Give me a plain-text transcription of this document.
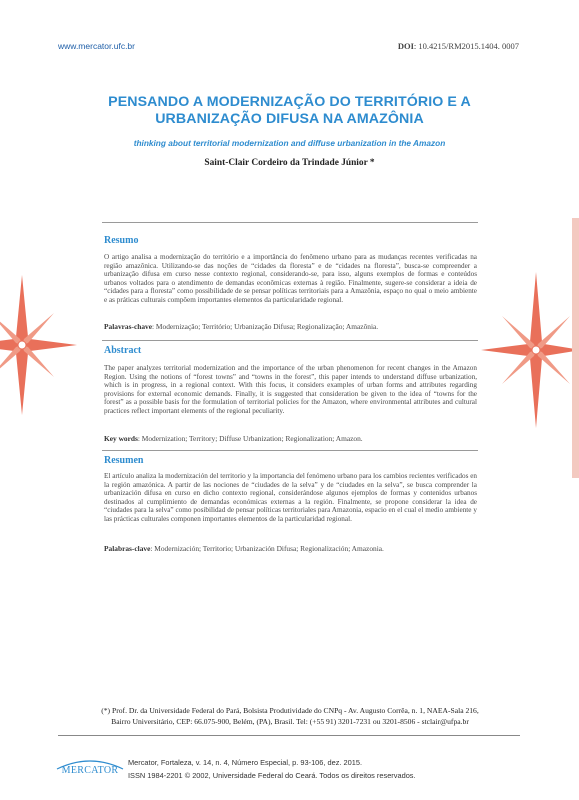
www.mercator.ufc.br	DOI: 10.4215/RM2015.1404. 0007
PENSANDO A MODERNIZAÇÃO DO TERRITÓRIO E A
URBANIZAÇÃO DIFUSA NA AMAZÔNIA
thinking about territorial modernization and diffuse urbanization in the Amazon
Saint-Clair Cordeiro da Trindade Júnior *
Resumo
O artigo analisa a modernização do território e a importância do fenômeno urbano para as mudanças recentes verificadas na região amazônica. Utilizando-se das noções de “cidades da floresta” e de “cidades na floresta”, busca-se compreender a urbanização difusa em curso nesse contexto regional, considerando-se, para isso, alguns exemplos de formas e conteúdos urbanos voltados para o atendimento de demandas econômicas externas à região. Finalmente, sugere-se considerar a ideia de “cidades para a floresta” como possibilidade de se pensar políticas territoriais para a Amazônia, espaço no qual o meio ambiente e as práticas culturais compõem importantes elementos da particularidade regional.
Palavras-chave: Modernização; Território; Urbanização Difusa; Regionalização; Amazônia.
Abstract
The paper analyzes territorial modernization and the importance of the urban phenomenon for recent changes in the Amazon Region. Using the notions of “forest towns” and “towns in the forest”, this paper intends to understand diffuse urbanization, which is in progress, in a regional context. With this focus, it considers examples of urban forms and attributes regarding provisions for external economic demands. Finally, it is suggested that consideration be given to the idea of “towns for the forest” as a possible basis for the formulation of territorial policies for the Amazon, where environmental attributes and cultural practices reflect important elements of the regional peculiarity.
Key words: Modernization; Territory; Diffuse Urbanization; Regionalization; Amazon.
Resumen
El artículo analiza la modernización del territorio y la importancia del fenómeno urbano para los cambios recientes verificados en la región amazónica. A partir de las nociones de “ciudades de la selva” y de “ciudades en la selva”, se busca comprender la urbanización difusa en curso en dicho contexto regional, considerándose algunos ejemplos de formas y contenidos urbanos destinados al cumplimiento de demandas económicas externas a la región. Finalmente, se propone considerar la idea de “ciudades para la selva” como posibilidad de pensar políticas territoriales para Amazonia, espacio en el cual el medio ambiente y las prácticas culturales componen importantes elementos de la particularidad regional.
Palabras-clave: Modernización; Territorio; Urbanización Difusa; Regionalización; Amazonia.
(*) Prof. Dr. da Universidade Federal do Pará, Bolsista Produtividade do CNPq - Av. Augusto Corrêa, n. 1, NAEA-Sala 216,
Bairro Universitário, CEP: 66.075-900, Belém, (PA), Brasil. Tel: (+55 91) 3201-7231 ou 3201-8506 - stclair@ufpa.br
MERCATOR
Mercator, Fortaleza, v. 14, n. 4, Número Especial, p. 93-106, dez. 2015.
ISSN 1984-2201 © 2002, Universidade Federal do Ceará. Todos os direitos reservados.
